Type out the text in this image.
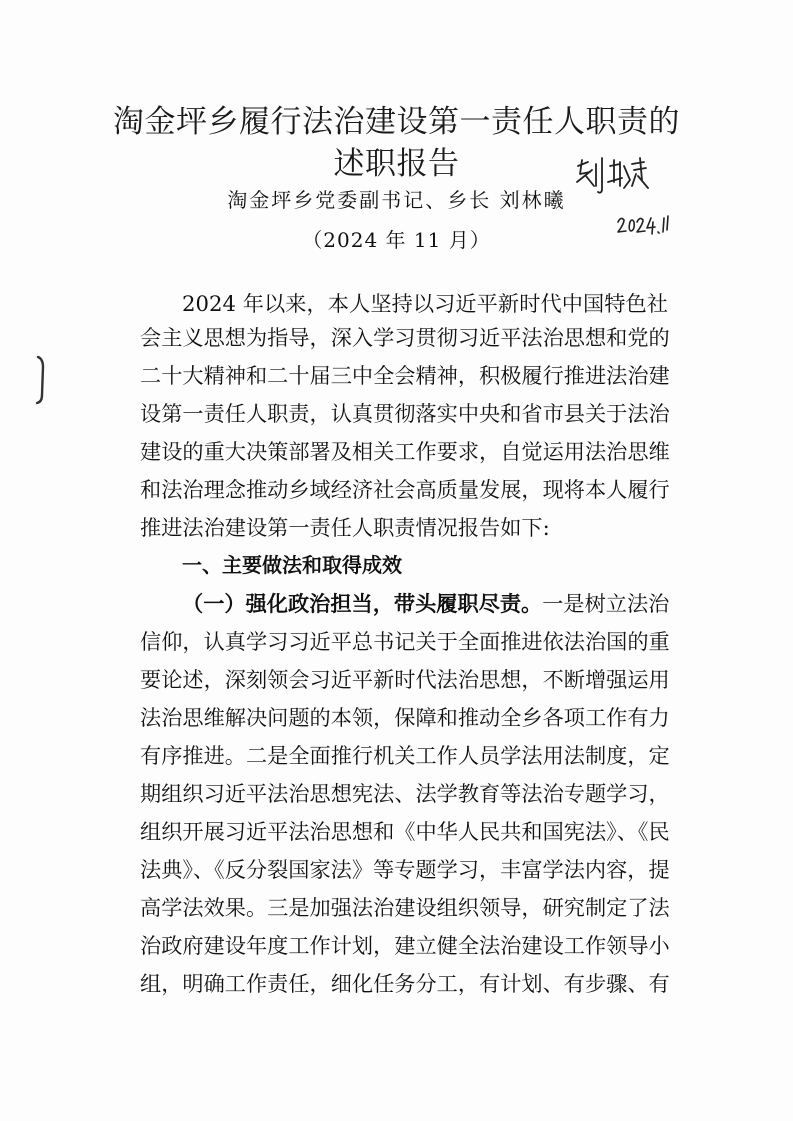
淘金坪乡履行法治建设第一责任人职责的
述职报告
淘金坪乡党委副书记、乡长 刘林曦
（2024 年 11 月）
2024 年以来，本人坚持以习近平新时代中国特色社
会主义思想为指导，深入学习贯彻习近平法治思想和党的
二十大精神和二十届三中全会精神，积极履行推进法治建
设第一责任人职责，认真贯彻落实中央和省市县关于法治
建设的重大决策部署及相关工作要求，自觉运用法治思维
和法治理念推动乡域经济社会高质量发展，现将本人履行
推进法治建设第一责任人职责情况报告如下:
一、主要做法和取得成效
（一）强化政治担当，带头履职尽责。一是树立法治
信仰，认真学习习近平总书记关于全面推进依法治国的重
要论述，深刻领会习近平新时代法治思想，不断增强运用
法治思维解决问题的本领，保障和推动全乡各项工作有力
有序推进。二是全面推行机关工作人员学法用法制度，定
期组织习近平法治思想宪法、法学教育等法治专题学习，
组织开展习近平法治思想和《中华人民共和国宪法》、《民
法典》、《反分裂国家法》等专题学习，丰富学法内容，提
高学法效果。三是加强法治建设组织领导，研究制定了法
治政府建设年度工作计划，建立健全法治建设工作领导小
组，明确工作责任，细化任务分工，有计划、有步骤、有
